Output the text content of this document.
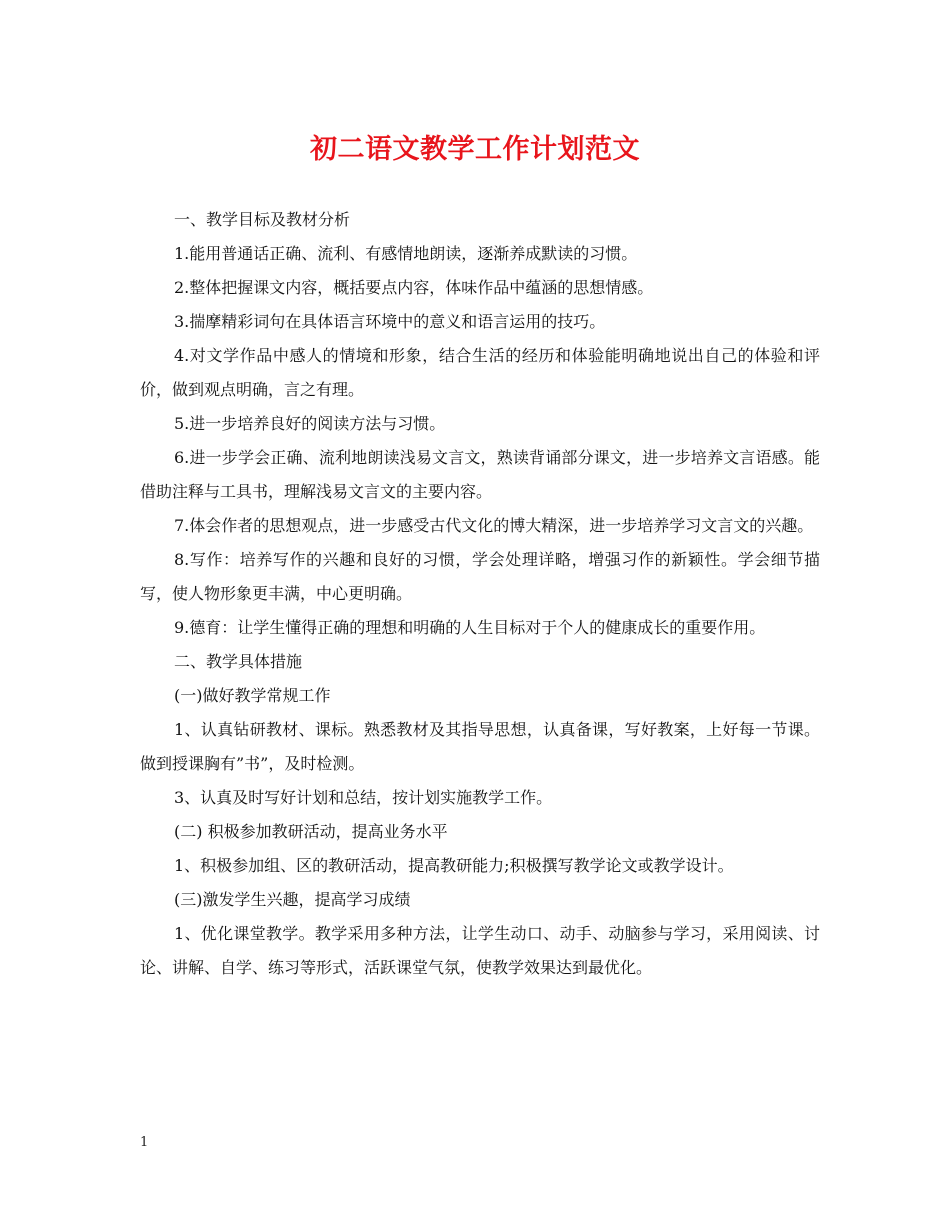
初二语文教学工作计划范文

一、教学目标及教材分析

1.能用普通话正确、流利、有感情地朗读，逐渐养成默读的习惯。

2.整体把握课文内容，概括要点内容，体味作品中蕴涵的思想情感。

3.揣摩精彩词句在具体语言环境中的意义和语言运用的技巧。

4.对文学作品中感人的情境和形象，结合生活的经历和体验能明确地说出自己的体验和评价，做到观点明确，言之有理。

5.进一步培养良好的阅读方法与习惯。

6.进一步学会正确、流利地朗读浅易文言文，熟读背诵部分课文，进一步培养文言语感。能借助注释与工具书，理解浅易文言文的主要内容。

7.体会作者的思想观点，进一步感受古代文化的博大精深，进一步培养学习文言文的兴趣。

8.写作：培养写作的兴趣和良好的习惯，学会处理详略，增强习作的新颖性。学会细节描写，使人物形象更丰满，中心更明确。

9.德育：让学生懂得正确的理想和明确的人生目标对于个人的健康成长的重要作用。

二、教学具体措施

(一)做好教学常规工作

1、认真钻研教材、课标。熟悉教材及其指导思想，认真备课，写好教案，上好每一节课。做到授课胸有”书”，及时检测。

3、认真及时写好计划和总结，按计划实施教学工作。

(二) 积极参加教研活动，提高业务水平

1、积极参加组、区的教研活动，提高教研能力;积极撰写教学论文或教学设计。

(三)激发学生兴趣，提高学习成绩

1、优化课堂教学。教学采用多种方法，让学生动口、动手、动脑参与学习，采用阅读、讨论、讲解、自学、练习等形式，活跃课堂气氛，使教学效果达到最优化。

1
